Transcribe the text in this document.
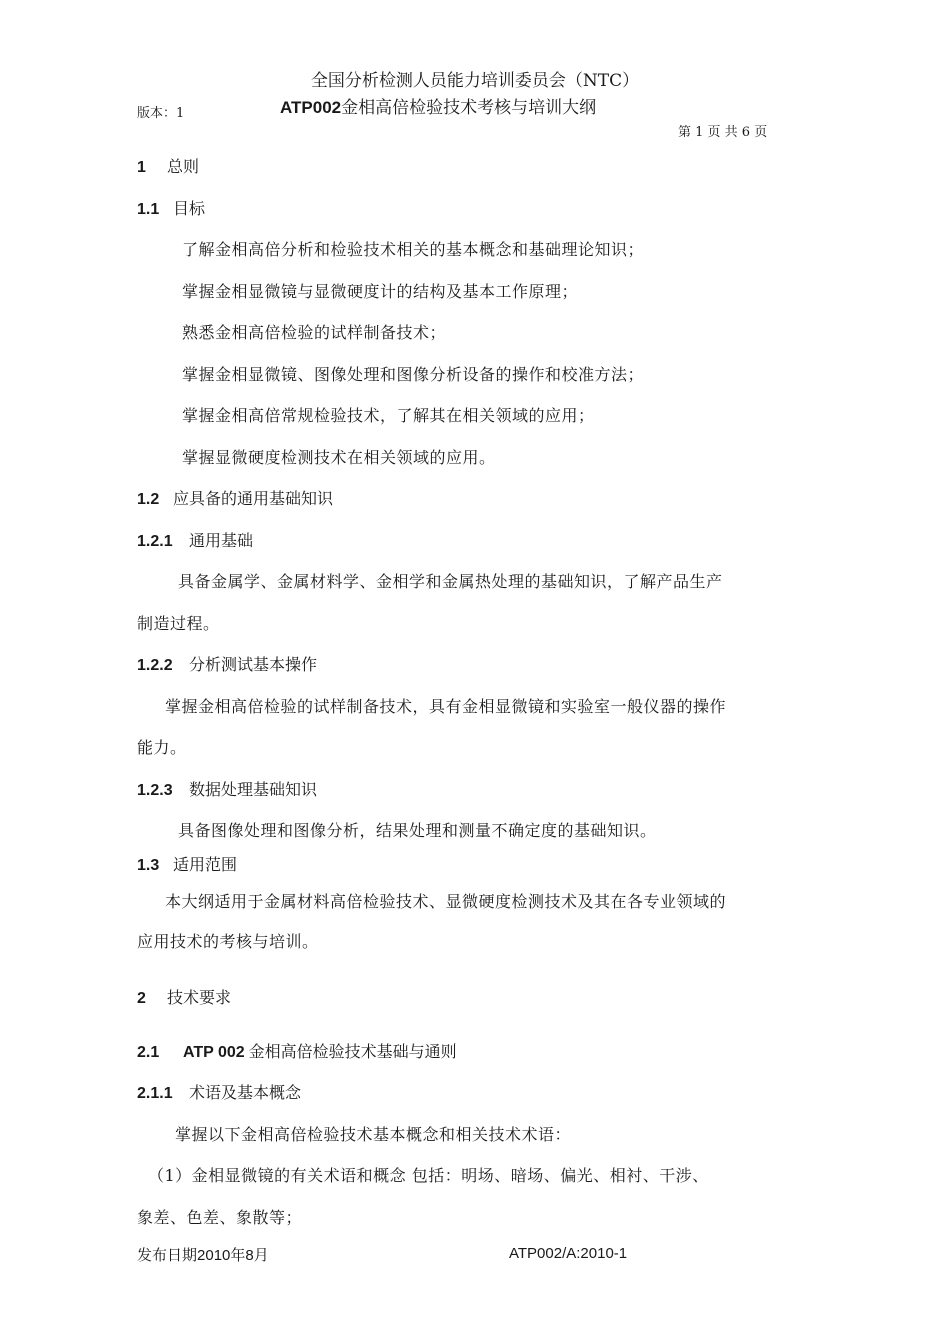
全国分析检测人员能力培训委员会（NTC）
ATP002金相高倍检验技术考核与培训大纲
版本：1
第 1 页 共 6 页
1 总则
1.1 目标
了解金相高倍分析和检验技术相关的基本概念和基础理论知识；
掌握金相显微镜与显微硬度计的结构及基本工作原理；
熟悉金相高倍检验的试样制备技术；
掌握金相显微镜、图像处理和图像分析设备的操作和校准方法；
掌握金相高倍常规检验技术，了解其在相关领域的应用；
掌握显微硬度检测技术在相关领域的应用。
1.2 应具备的通用基础知识
1.2.1 通用基础
具备金属学、金属材料学、金相学和金属热处理的基础知识，了解产品生产
制造过程。
1.2.2 分析测试基本操作
掌握金相高倍检验的试样制备技术，具有金相显微镜和实验室一般仪器的操作
能力。
1.2.3 数据处理基础知识
具备图像处理和图像分析，结果处理和测量不确定度的基础知识。
1.3 适用范围
本大纲适用于金属材料高倍检验技术、显微硬度检测技术及其在各专业领域的
应用技术的考核与培训。
2 技术要求
2.1 ATP 002 金相高倍检验技术基础与通则
2.1.1 术语及基本概念
掌握以下金相高倍检验技术基本概念和相关技术术语：
（1）金相显微镜的有关术语和概念 包括：明场、暗场、偏光、相衬、干涉、
象差、色差、象散等；
发布日期2010年8月	ATP002/A:2010-1
